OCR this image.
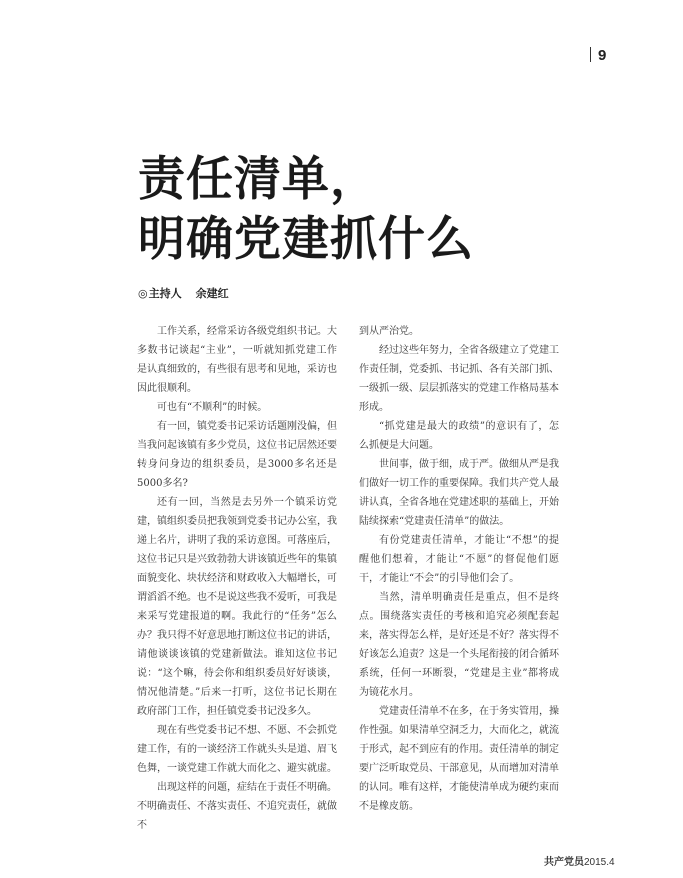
9
责任清单，
明确党建抓什么
◎主持人 余建红

工作关系，经常采访各级党组织书记。大多数书记谈起“主业”，一听就知抓党建工作是认真细致的，有些很有思考和见地，采访也因此很顺利。

可也有“不顺利”的时候。

有一回，镇党委书记采访话题刚没偏，但当我问起该镇有多少党员，这位书记居然还要转身问身边的组织委员，是3000多名还是5000多名?

还有一回，当然是去另外一个镇采访党建，镇组织委员把我领到党委书记办公室，我递上名片，讲明了我的采访意图。可落座后，这位书记只是兴致勃勃大讲该镇近些年的集镇面貌变化、块状经济和财政收入大幅增长，可谓滔滔不绝。也不是说这些我不爱听，可我是来采写党建报道的啊。我此行的“任务”怎么办？我只得不好意思地打断这位书记的讲话，请他谈谈该镇的党建新做法。谁知这位书记说：“这个嘛，待会你和组织委员好好谈谈，情况他清楚。”后来一打听，这位书记长期在政府部门工作，担任镇党委书记没多久。

现在有些党委书记不想、不愿、不会抓党建工作，有的一谈经济工作就头头是道、眉飞色舞，一谈党建工作就大而化之、避实就虚。

出现这样的问题，症结在于责任不明确。不明确责任、不落实责任、不追究责任，就做不

到从严治党。

经过这些年努力，全省各级建立了党建工作责任制，党委抓、书记抓、各有关部门抓、一级抓一级、层层抓落实的党建工作格局基本形成。

“抓党建是最大的政绩”的意识有了，怎么抓便是大问题。

世间事，做于细，成于严。做细从严是我们做好一切工作的重要保障。我们共产党人最讲认真，全省各地在党建述职的基础上，开始陆续探索“党建责任清单”的做法。

有份党建责任清单，才能让“不想”的提醒他们想着，才能让“不愿”的督促他们愿干，才能让“不会”的引导他们会了。

当然，清单明确责任是重点，但不是终点。围绕落实责任的考核和追究必须配套起来，落实得怎么样，是好还是不好？落实得不好该怎么追责？这是一个头尾衔接的闭合循环系统，任何一环断裂，“党建是主业”都将成为镜花水月。

党建责任清单不在多，在于务实管用，操作性强。如果清单空洞乏力，大而化之，就流于形式，起不到应有的作用。责任清单的制定要广泛听取党员、干部意见，从而增加对清单的认同。唯有这样，才能使清单成为硬约束而不是橡皮筋。

共产党员2015.4
